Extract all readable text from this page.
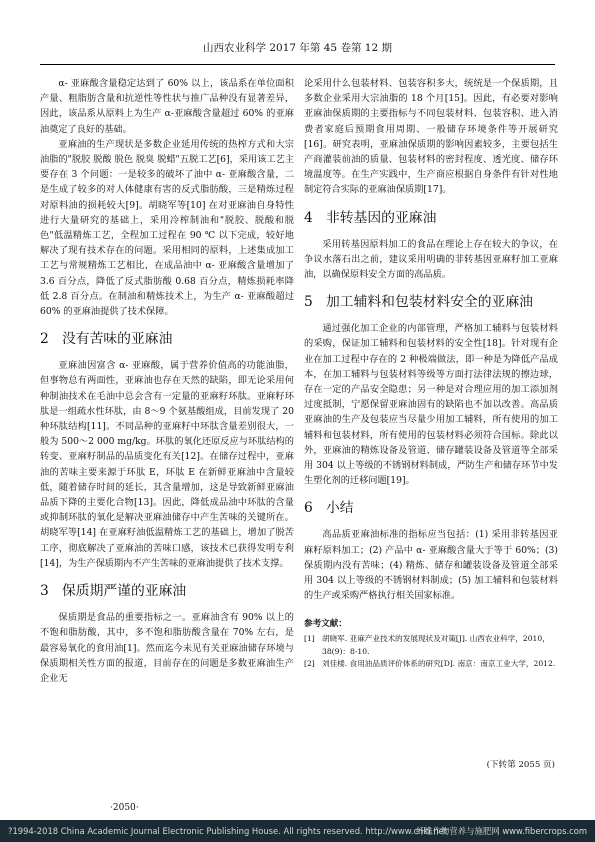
山西农业科学 2017 年第 45 卷第 12 期

α- 亚麻酸含量稳定达到了 60% 以上，该品系在单位面积产量、粗脂肪含量和抗逆性等性状与推广品种没有显著差异，因此，该品系从原料上为生产 α-亚麻酸含量超过 60% 的亚麻油奠定了良好的基础。

亚麻油的生产现状是多数企业延用传统的热榨方式和大宗油脂的"脱胶 脱酸 脱色 脱臭 脱蜡"五脱工艺[6]，采用该工艺主要存在 3 个问题：一是较多的破坏了油中 α- 亚麻酸含量，二是生成了较多的对人体健康有害的反式脂肪酸，三是精炼过程对原料油的损耗较大[9]。胡晓军等[10] 在对亚麻油自身特性进行大量研究的基础上，采用冷榨制油和"脱胶、脱酸和脱色"低温精炼工艺，全程加工过程在 90 ℃ 以下完成，较好地解决了现有技术存在的问题。采用相同的原料，上述集成加工工艺与常规精炼工艺相比，在成品油中 α- 亚麻酸含量增加了 3.6 百分点，降低了反式脂肪酸 0.68 百分点，精炼损耗率降低 2.8 百分点。在制油和精炼技术上，为生产 α- 亚麻酸超过 60% 的亚麻油提供了技术保障。

2 没有苦味的亚麻油

亚麻油因富含 α- 亚麻酸，属于营养价值高的功能油脂，但事物总有两面性，亚麻油也存在天然的缺陷，即无论采用何种制油技术在毛油中总会含有一定量的亚麻籽环肽。亚麻籽环肽是一组疏水性环肽，由 8～9 个氨基酸组成，目前发现了 20 种环肽结构[11]。不同品种的亚麻籽中环肽含量差别很大，一般为 500～2 000 mg/kg。环肽的氧化还原反应与环肽结构的转变、亚麻籽制品的品质变化有关[12]。在储存过程中，亚麻油的苦味主要来源于环肽 E，环肽 E 在新鲜亚麻油中含量较低，随着储存时间的延长，其含量增加，这是导致新鲜亚麻油品质下降的主要化合物[13]。因此，降低成品油中环肽的含量或抑制环肽的氧化是解决亚麻油储存中产生苦味的关键所在。胡晓军等[14] 在亚麻籽油低温精炼工艺的基础上，增加了脱苦工序，彻底解决了亚麻油的苦味口感，该技术已获得发明专利[14]，为生产保质期内不产生苦味的亚麻油提供了技术支撑。

3 保质期严谨的亚麻油

保质期是食品的重要指标之一。亚麻油含有 90% 以上的不饱和脂肪酸，其中，多不饱和脂肪酸含量在 70% 左右，是最容易氧化的食用油[1]。然而迄今未见有关亚麻油储存环境与保质期相关性方面的报道，目前存在的问题是多数亚麻油生产企业无

论采用什么包装材料、包装容积多大，统统是一个保质期，且多数企业采用大宗油脂的 18 个月[15]。因此，有必要对影响亚麻油保质期的主要指标与不同包装材料、包装容积、进入消费者家庭后预期食用周期、一般储存环境条件等开展研究[16]。研究表明，亚麻油保质期的影响因素较多，主要包括生产商灌装前油的质量、包装材料的密封程度、透光度、储存环境温度等。在生产实践中，生产商应根据自身条件有针对性地制定符合实际的亚麻油保质期[17]。

4 非转基因的亚麻油

采用转基因原料加工的食品在理论上存在较大的争议，在争议水落石出之前，建议采用明确的非转基因亚麻籽加工亚麻油，以确保原料安全方面的高品质。

5 加工辅料和包装材料安全的亚麻油

通过强化加工企业的内部管理，严格加工辅料与包装材料的采购，保证加工辅料和包装材料的安全性[18]。针对现有企业在加工过程中存在的 2 种极端做法，即一种是为降低产品成本，在加工辅料与包装材料等级等方面打法律法规的擦边球，存在一定的产品安全隐患；另一种是对合理应用的加工添加剂过度抵制，宁愿保留亚麻油固有的缺陷也不加以改善。高品质亚麻油的生产及包装应当尽量少用加工辅料，所有使用的加工辅料和包装材料，所有使用的包装材料必须符合国标。除此以外，亚麻油的精炼设备及管道、储存罐装设备及管道等全部采用 304 以上等级的不锈钢材料制成，严防生产和储存环节中发生塑化剂的迁移问题[19]。

6 小结

高品质亚麻油标准的指标应当包括：(1) 采用非转基因亚麻籽原料加工；(2) 产品中 α- 亚麻酸含量大于等于 60%；(3) 保质期内没有苦味；(4) 精炼、储存和罐装设备及管道全部采用 304 以上等级的不锈钢材料制成；(5) 加工辅料和包装材料的生产或采购严格执行相关国家标准。

参考文献：
[1] 胡晓军. 亚麻产业技术的发展现状及对策[J]. 山西农业科学，2010，38(9)：8-10.
[2] 刘佳楼. 食用油品质评价体系的研究[D]. 南京：南京工业大学，2012.
(下转第 2055 页)
·2050·
?1994-2018 China Academic Journal Electronic Publishing House. All rights reserved. http://www.cnki.net
纤维作物营养与施肥网 www.fibercrops.com
